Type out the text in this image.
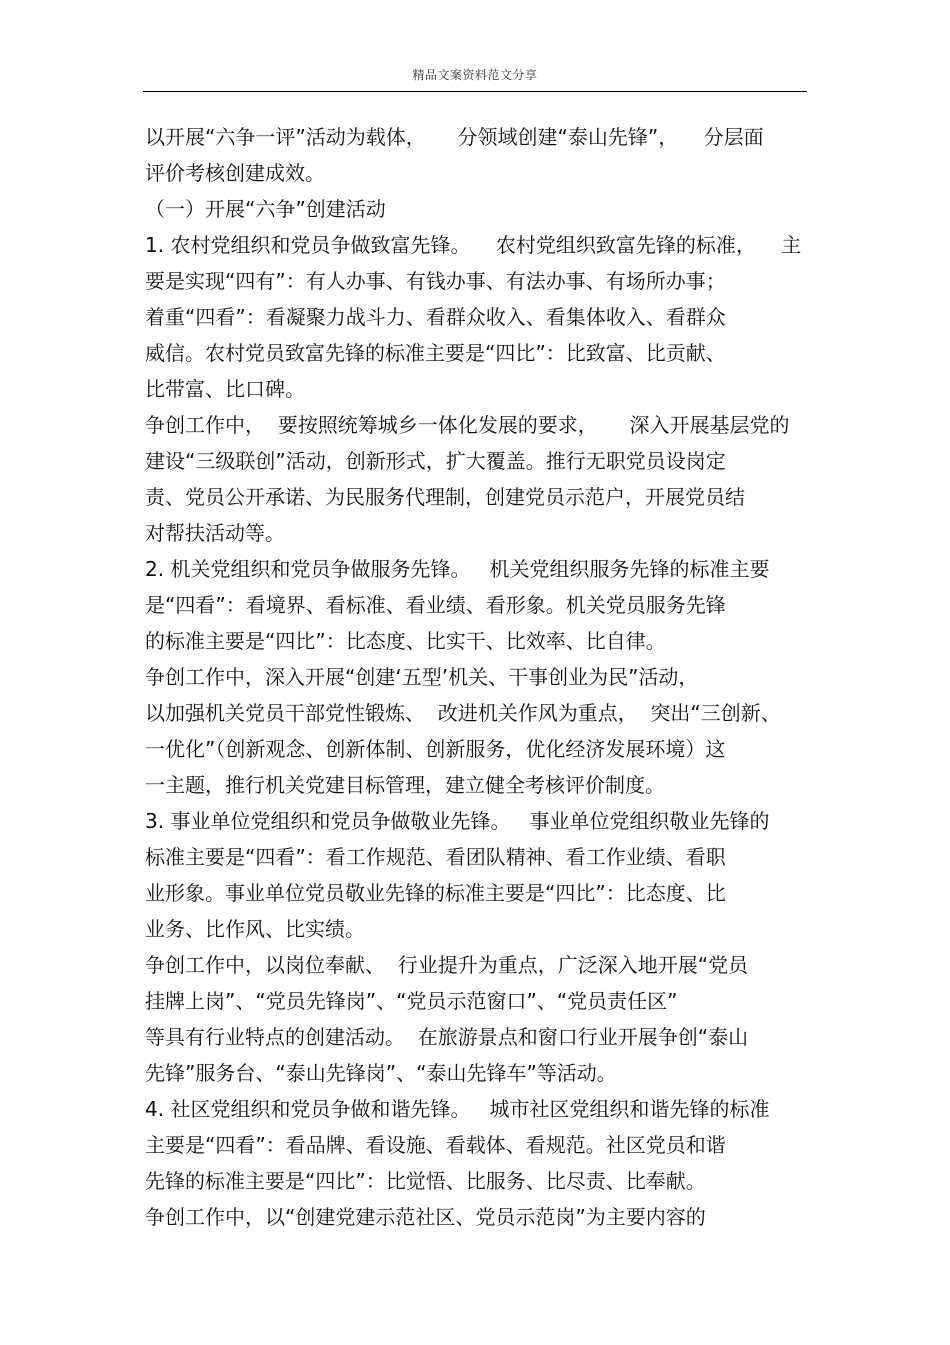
精品文案资料范文分享
以开展“六争一评”活动为载体，     分领域创建“泰山先锋”，    分层面
评价考核创建成效。
（一）开展“六争”创建活动
1. 农村党组织和党员争做致富先锋。    农村党组织致富先锋的标准，    主
要是实现“四有”：有人办事、有钱办事、有法办事、有场所办事；
着重“四看”：看凝聚力战斗力、看群众收入、看集体收入、看群众
威信。农村党员致富先锋的标准主要是“四比”：比致富、比贡献、
比带富、比口碑。
争创工作中，  要按照统筹城乡一体化发展的要求，     深入开展基层党的
建设“三级联创”活动，创新形式，扩大覆盖。推行无职党员设岗定
责、党员公开承诺、为民服务代理制，创建党员示范户，开展党员结
对帮扶活动等。
2. 机关党组织和党员争做服务先锋。   机关党组织服务先锋的标准主要
是“四看”：看境界、看标准、看业绩、看形象。机关党员服务先锋
的标准主要是“四比”：比态度、比实干、比效率、比自律。
争创工作中，深入开展“创建‘五型’机关、干事创业为民”活动，
以加强机关党员干部党性锻炼、  改进机关作风为重点，  突出“三创新、
一优化”（创新观念、创新体制、创新服务，优化经济发展环境）这
一主题，推行机关党建目标管理，建立健全考核评价制度。
3. 事业单位党组织和党员争做敬业先锋。   事业单位党组织敬业先锋的
标准主要是“四看”：看工作规范、看团队精神、看工作业绩、看职
业形象。事业单位党员敬业先锋的标准主要是“四比”：比态度、比
业务、比作风、比实绩。
争创工作中，以岗位奉献、  行业提升为重点，广泛深入地开展“党员
挂牌上岗”、“党员先锋岗”、“党员示范窗口”、“党员责任区”
等具有行业特点的创建活动。  在旅游景点和窗口行业开展争创“泰山
先锋”服务台、“泰山先锋岗”、“泰山先锋车”等活动。
4. 社区党组织和党员争做和谐先锋。   城市社区党组织和谐先锋的标准
主要是“四看”：看品牌、看设施、看载体、看规范。社区党员和谐
先锋的标准主要是“四比”：比觉悟、比服务、比尽责、比奉献。
争创工作中，以“创建党建示范社区、党员示范岗”为主要内容的
